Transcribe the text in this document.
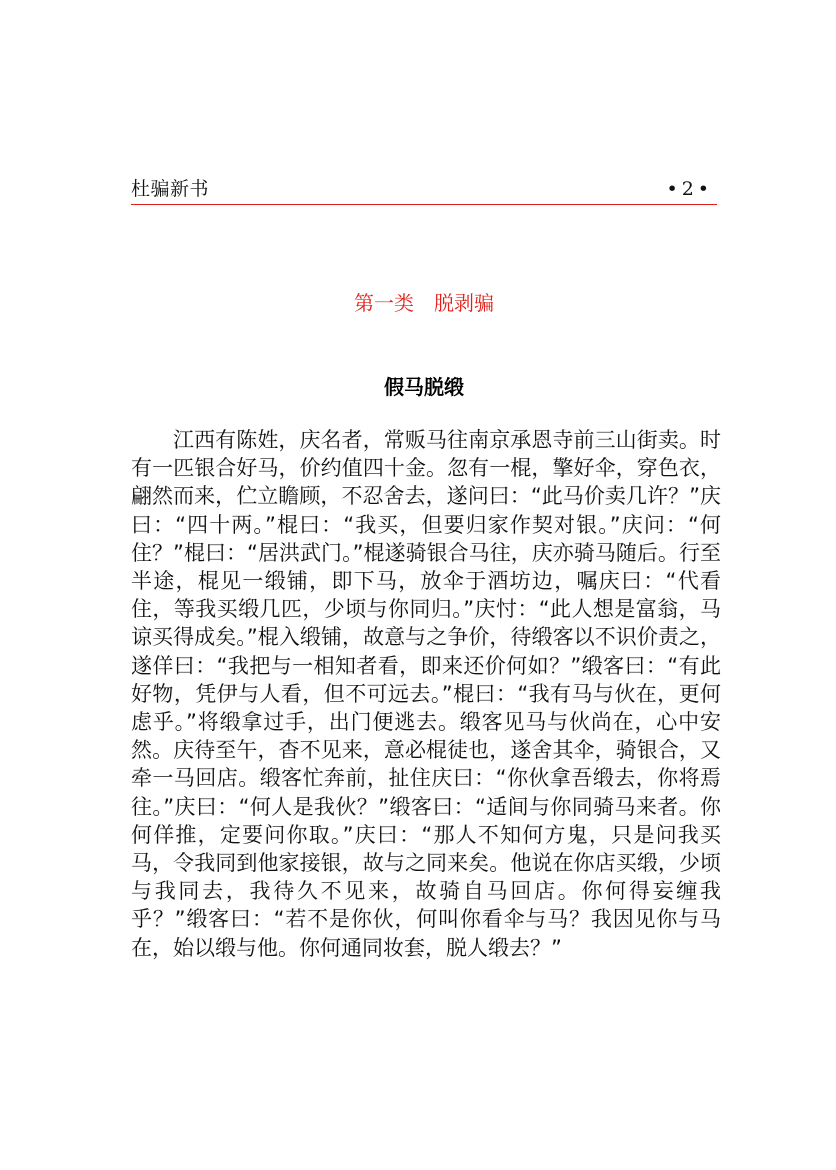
杜骗新书	•2•
第一类　脱剥骗
假马脱缎

江西有陈姓，庆名者，常贩马往南京承恩寺前三山街卖。时有一匹银合好马，价约值四十金。忽有一棍，擎好伞，穿色衣，翩然而来，伫立瞻顾，不忍舍去，遂问曰：“此马价卖几许？”庆曰：“四十两。”棍曰：“我买，但要归家作契对银。”庆问：“何住？”棍曰：“居洪武门。”棍遂骑银合马往，庆亦骑马随后。行至半途，棍见一缎铺，即下马，放伞于酒坊边，嘱庆曰：“代看住，等我买缎几匹，少顷与你同归。”庆忖：“此人想是富翁，马谅买得成矣。”棍入缎铺，故意与之争价，待缎客以不识价责之，遂佯曰：“我把与一相知者看，即来还价何如？”缎客曰：“有此好物，凭伊与人看，但不可远去。”棍曰：“我有马与伙在，更何虑乎。”将缎拿过手，出门便逃去。缎客见马与伙尚在，心中安然。庆待至午，杳不见来，意必棍徒也，遂舍其伞，骑银合，又牵一马回店。缎客忙奔前，扯住庆曰：“你伙拿吾缎去，你将焉往。”庆曰：“何人是我伙？”缎客曰：“适间与你同骑马来者。你何佯推，定要问你取。”庆曰：“那人不知何方鬼，只是问我买马，令我同到他家接银，故与之同来矣。他说在你店买缎，少顷与我同去，我待久不见来，故骑自马回店。你何得妄缠我乎？”缎客曰：“若不是你伙，何叫你看伞与马？我因见你与马在，始以缎与他。你何通同妆套，脱人缎去？”
